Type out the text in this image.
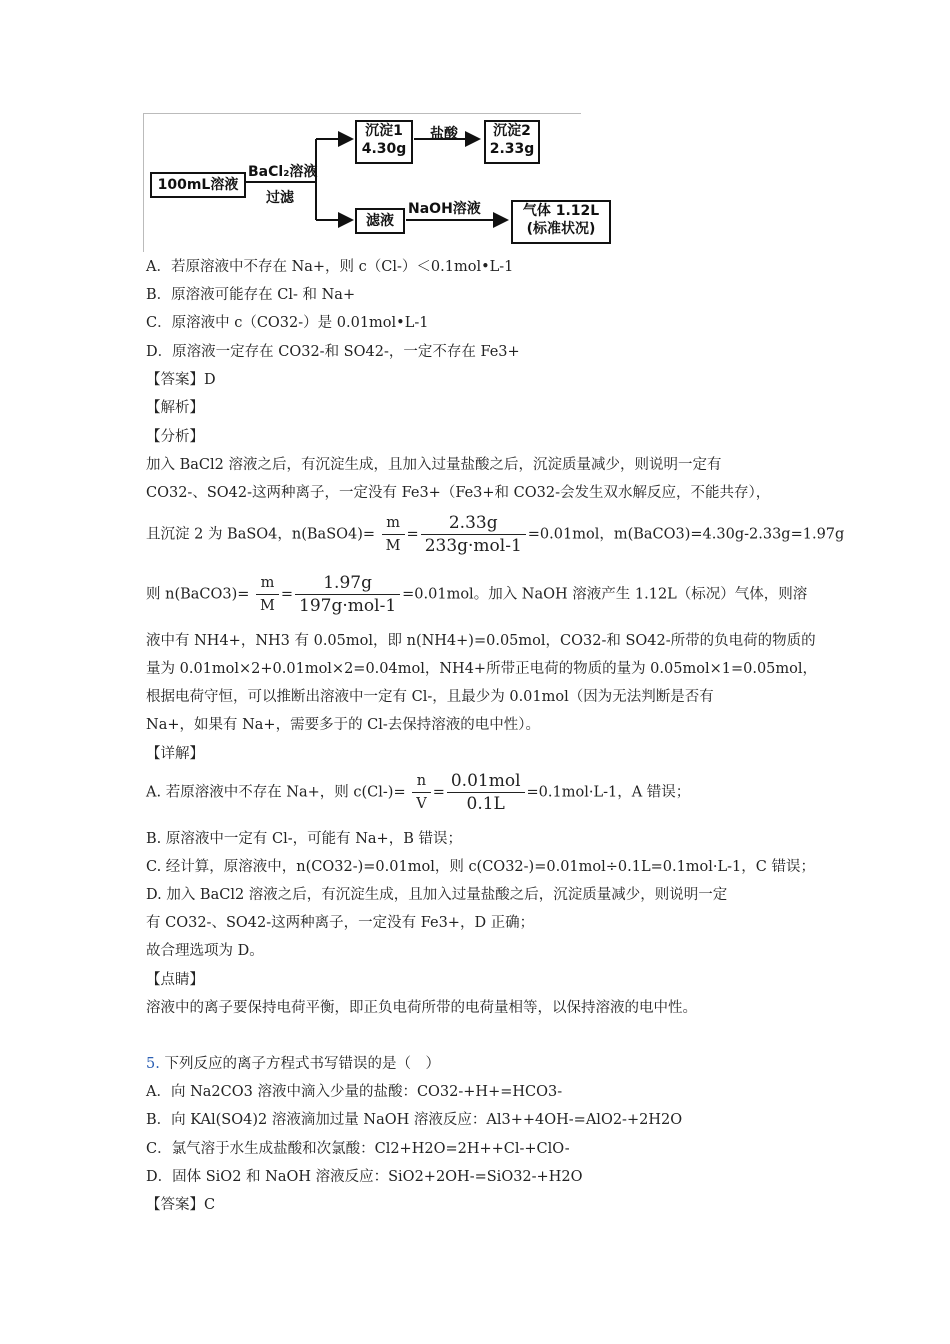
100mL溶液
BaCl₂溶液
过滤
沉淀1
4.30g
盐酸	沉淀2
2.33g
滤液
NaOH溶液	气体 1.12L
(标准状况)
A．若原溶液中不存在 Na+，则 c（Cl-）＜0.1mol•L-1
B．原溶液可能存在 Cl- 和 Na+
C．原溶液中 c（CO32-）是 0.01mol•L-1
D．原溶液一定存在 CO32-和 SO42-，一定不存在 Fe3+
【答案】D
【解析】
【分析】
加入 BaCl2 溶液之后，有沉淀生成，且加入过量盐酸之后，沉淀质量减少，则说明一定有
CO32-、SO42-这两种离子，一定没有 Fe3+（Fe3+和 CO32-会发生双水解反应，不能共存），
且沉淀 2 为 BaSO4，n(BaSO4)= $\frac{m}{M} = \frac{2.33g}{\text{233g·mol-1}} =0.01mol$，m(BaCO3)=4.30g-2.33g=1.97g
则 n(BaCO3)= $\frac{m}{M} = \frac{1.97g}{\text{197g·mol-1}} =0.01mol$。加入 NaOH 溶液产生 1.12L（标况）气体，则溶
液中有 NH4+，NH3 有 0.05mol，即 n(NH4+)=0.05mol，CO32-和 SO42-所带的负电荷的物质的
量为 0.01mol×2+0.01mol×2=0.04mol，NH4+所带正电荷的物质的量为 0.05mol×1=0.05mol，
根据电荷守恒，可以推断出溶液中一定有 Cl-，且最少为 0.01mol（因为无法判断是否有
Na+，如果有 Na+，需要多于的 Cl-去保持溶液的电中性）。
【详解】
A. 若原溶液中不存在 Na+，则 $c(Cl-)= \frac{n}{V} = \frac{\text{0.01mol}}{0.1L} =0.1mol\cdot L-1$，A 错误；
B. 原溶液中一定有 Cl-，可能有 Na+，B 错误；
C. 经计算，原溶液中，n(CO32-)=0.01mol，则 c(CO32-)=0.01mol÷0.1L=0.1mol·L-1，C 错误；
D. 加入 BaCl2 溶液之后，有沉淀生成，且加入过量盐酸之后，沉淀质量减少，则说明一定
有 CO32-、SO42-这两种离子，一定没有 Fe3+，D 正确；
故合理选项为 D。
【点睛】
溶液中的离子要保持电荷平衡，即正负电荷所带的电荷量相等，以保持溶液的电中性。
5. 下列反应的离子方程式书写错误的是（　）
A．向 Na2CO3 溶液中滴入少量的盐酸：CO32-+H+=HCO3-
B．向 KAl(SO4)2 溶液滴加过量 NaOH 溶液反应：Al3++4OH-=AlO2-+2H2O
C．氯气溶于水生成盐酸和次氯酸：Cl2+H2O=2H++Cl-+ClO-
D．固体 SiO2 和 NaOH 溶液反应：SiO2+2OH-=SiO32-+H2O
【答案】C
